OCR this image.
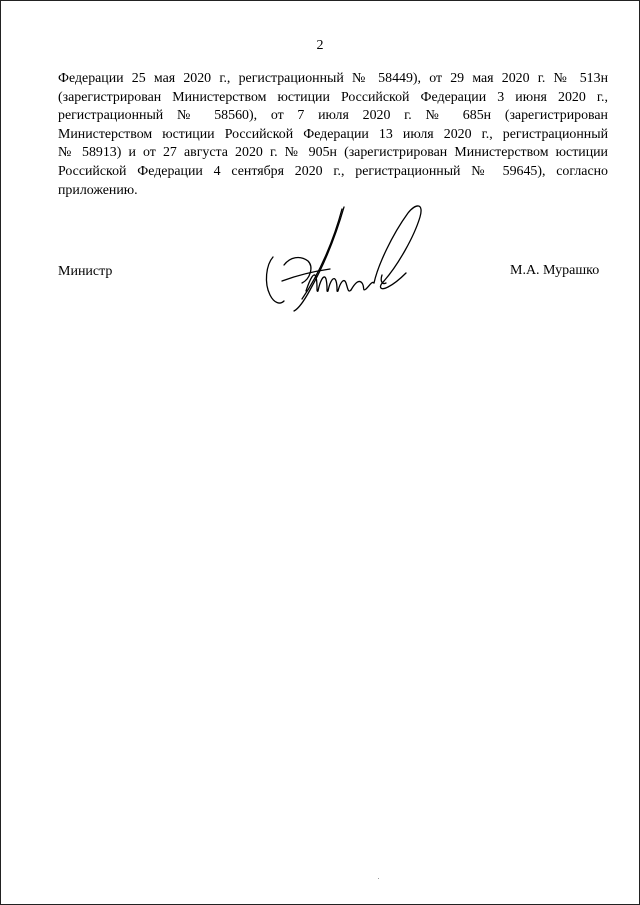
2
Федерации 25 мая 2020 г., регистрационный № 58449), от 29 мая 2020 г. № 513н
(зарегистрирован Министерством юстиции Российской Федерации 3 июня 2020 г.,
регистрационный № 58560), от 7 июля 2020 г. № 685н (зарегистрирован
Министерством юстиции Российской Федерации 13 июля 2020 г., регистрационный
№ 58913) и от 27 августа 2020 г. № 905н (зарегистрирован Министерством юстиции
Российской Федерации 4 сентября 2020 г., регистрационный № 59645), согласно
приложению.
Министр	М.А. Мурашко
